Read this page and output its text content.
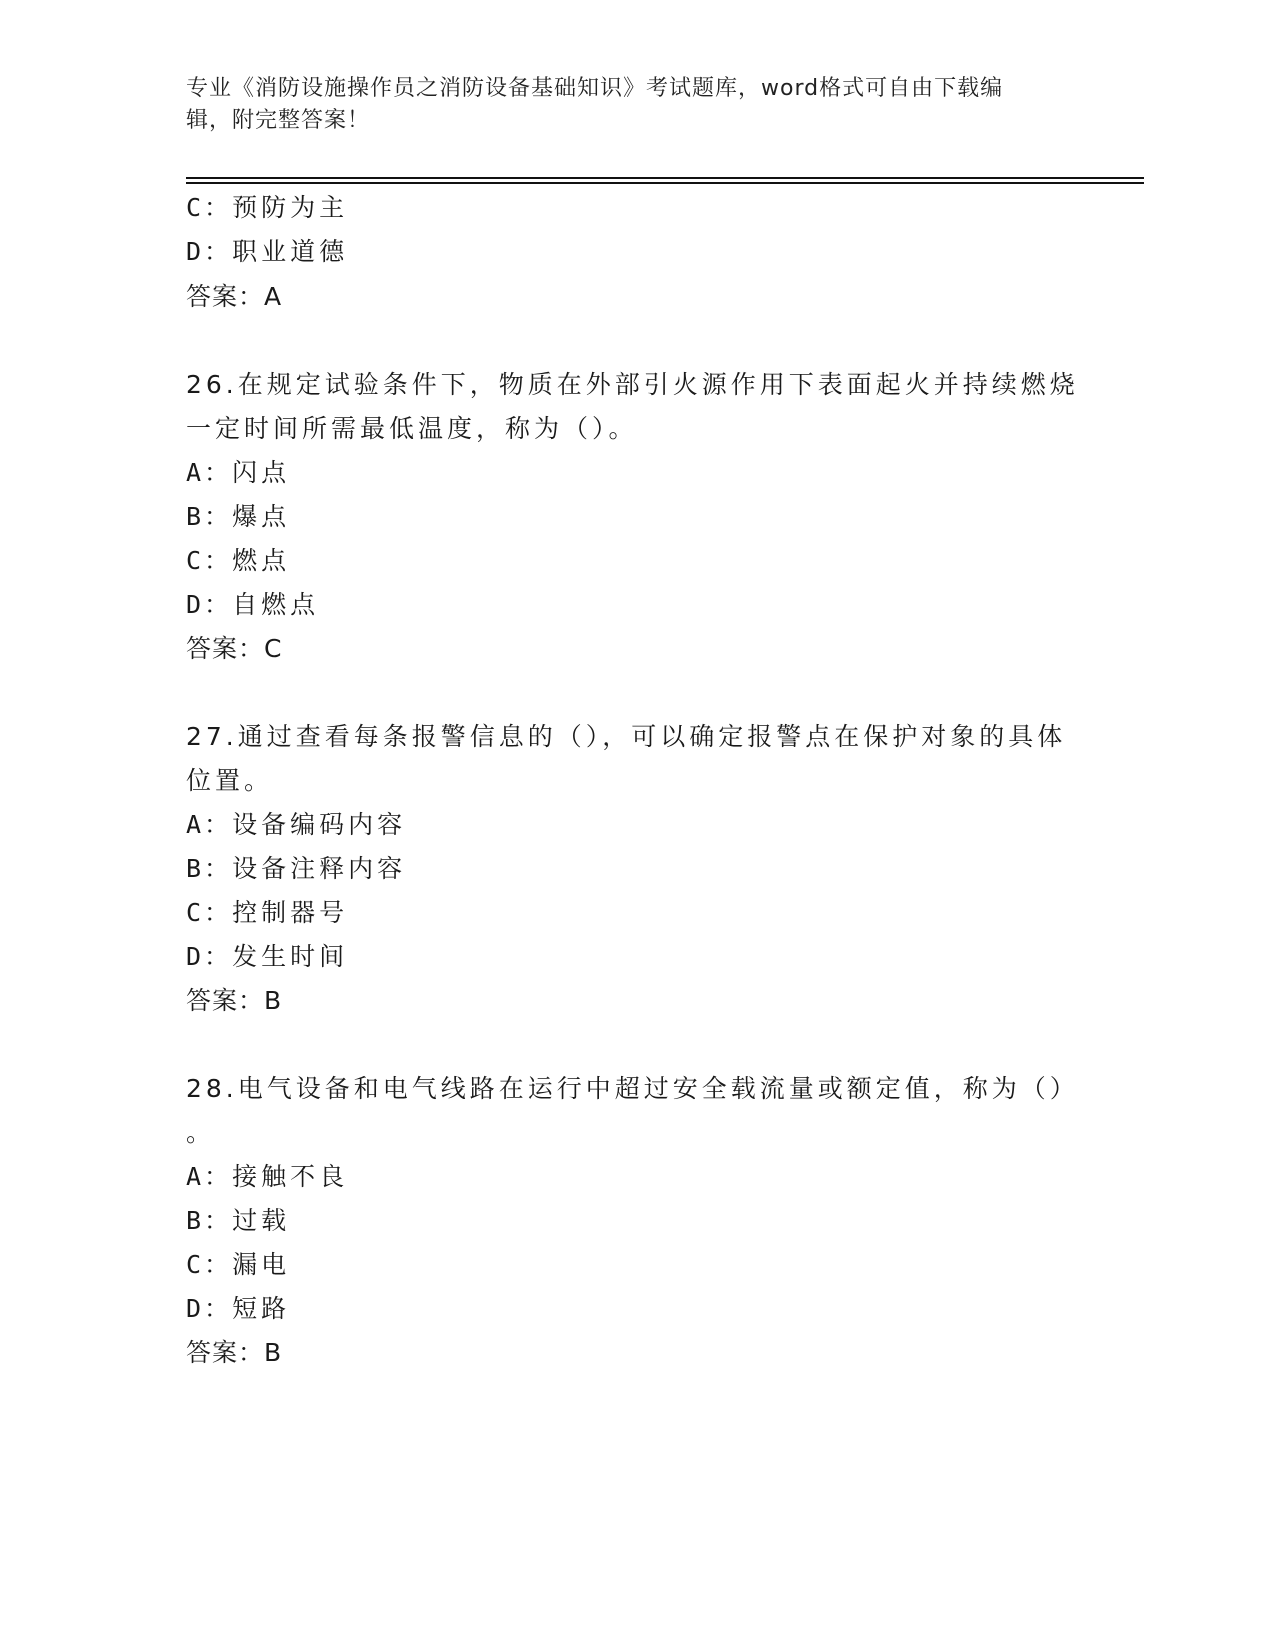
专业《消防设施操作员之消防设备基础知识》考试题库，word格式可自由下载编
辑，附完整答案！
C：预防为主
D：职业道德
答案：A
26.在规定试验条件下，物质在外部引火源作用下表面起火并持续燃烧
一定时间所需最低温度，称为（）。
A：闪点
B：爆点
C：燃点
D：自燃点
答案：C
27.通过查看每条报警信息的（），可以确定报警点在保护对象的具体
位置。
A：设备编码内容
B：设备注释内容
C：控制器号
D：发生时间
答案：B
28.电气设备和电气线路在运行中超过安全载流量或额定值，称为（）
。
A：接触不良
B：过载
C：漏电
D：短路
答案：B
